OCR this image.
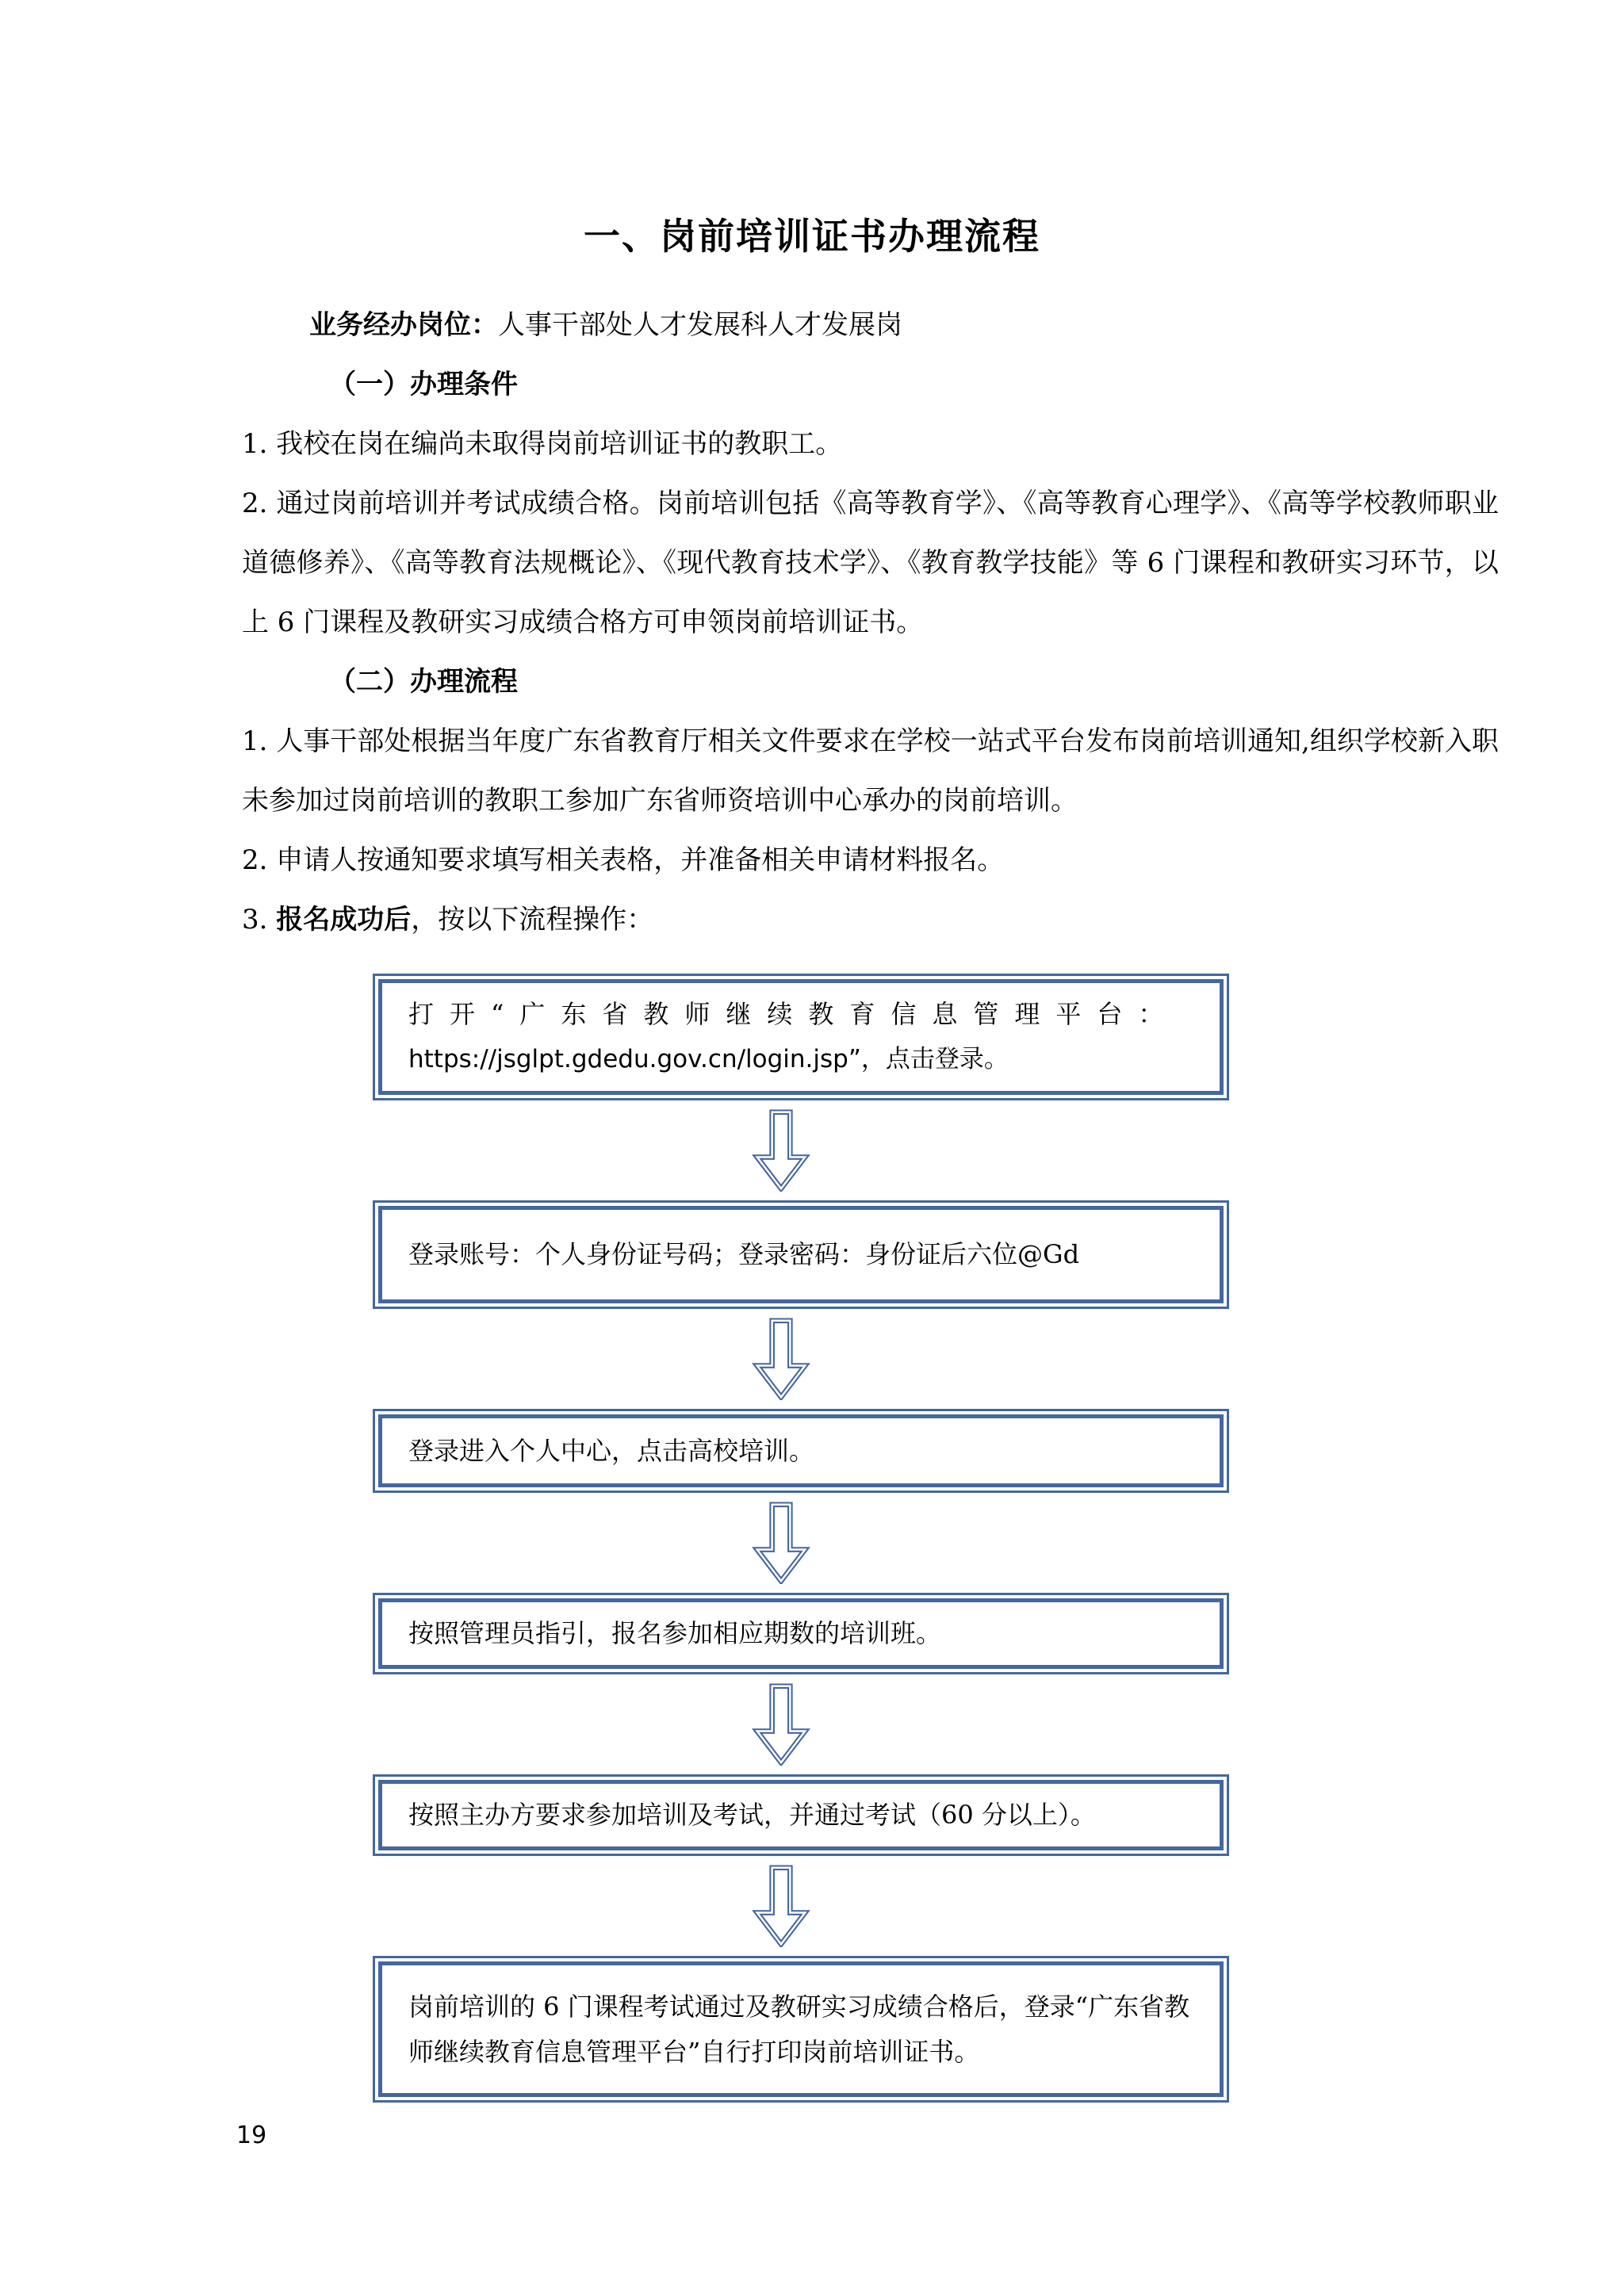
一、岗前培训证书办理流程

业务经办岗位：人事干部处人才发展科人才发展岗

（一）办理条件

1. 我校在岗在编尚未取得岗前培训证书的教职工。

2. 通过岗前培训并考试成绩合格。岗前培训包括《高等教育学》、《高等教育心理学》、《高等学校教师职业道德修养》、《高等教育法规概论》、《现代教育技术学》、《教育教学技能》等 6 门课程和教研实习环节，以上 6 门课程及教研实习成绩合格方可申领岗前培训证书。

（二）办理流程

1. 人事干部处根据当年度广东省教育厅相关文件要求在学校一站式平台发布岗前培训通知,组织学校新入职未参加过岗前培训的教职工参加广东省师资培训中心承办的岗前培训。

2. 申请人按通知要求填写相关表格，并准备相关申请材料报名。

3. 报名成功后，按以下流程操作：

打开“广东省教师继续教育信息管理平台：
https://jsglpt.gdedu.gov.cn/login.jsp”，点击登录。
登录账号：个人身份证号码；登录密码：身份证后六位@Gd
登录进入个人中心，点击高校培训。
按照管理员指引，报名参加相应期数的培训班。
按照主办方要求参加培训及考试，并通过考试（60 分以上）。
岗前培训的 6 门课程考试通过及教研实习成绩合格后，登录“广东省教师继续教育信息管理平台”自行打印岗前培训证书。
19
